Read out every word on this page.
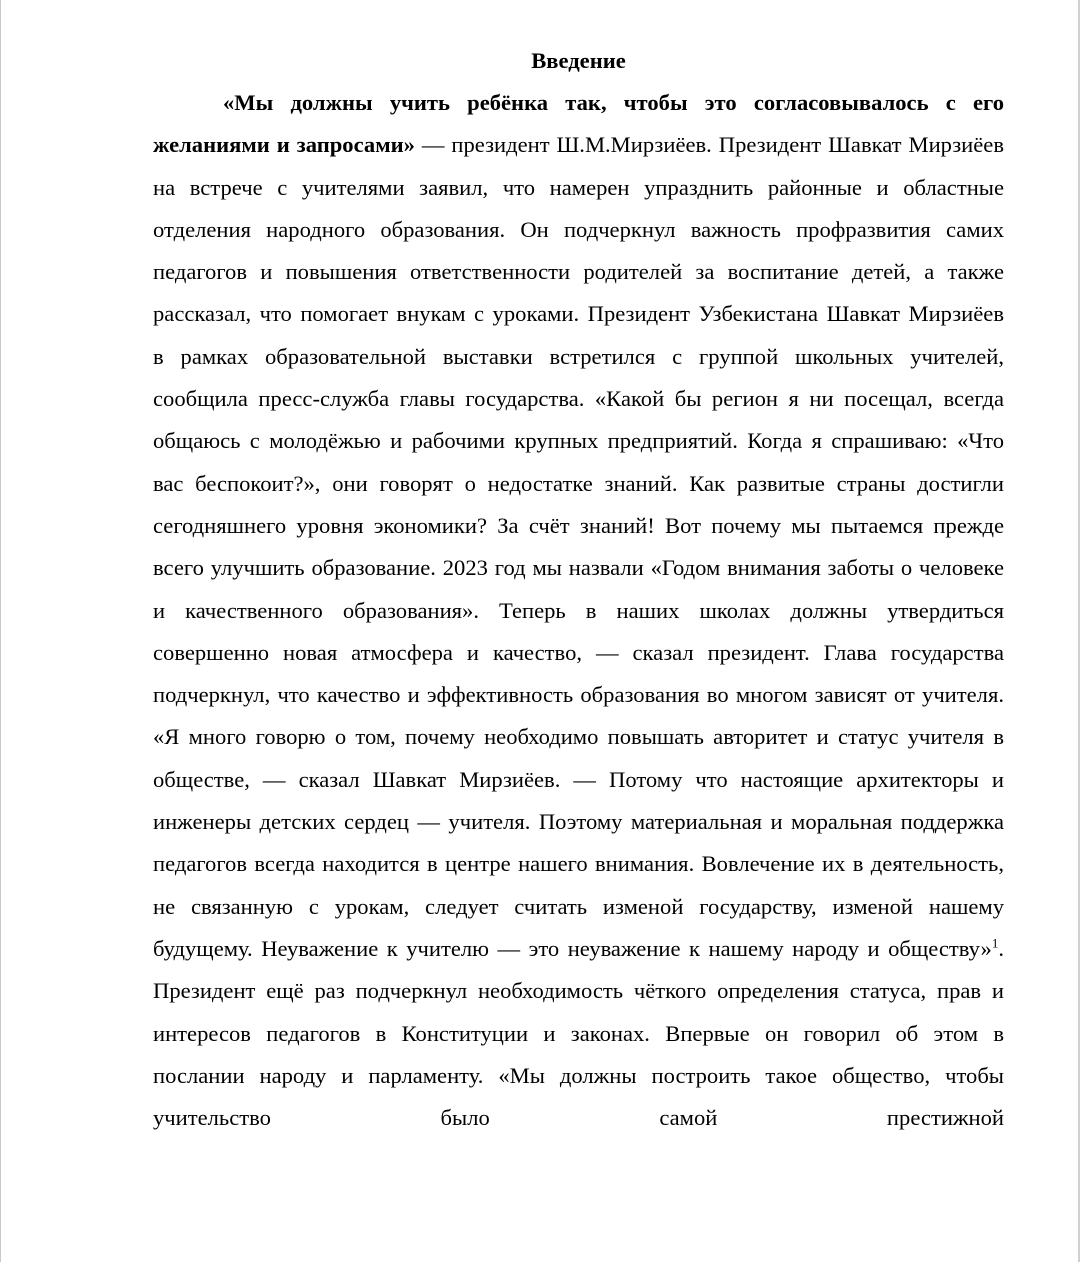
Введение

«Мы должны учить ребёнка так, чтобы это согласовывалось с его желаниями и запросами» — президент Ш.М.Мирзиёев. Президент Шавкат Мирзиёев на встрече с учителями заявил, что намерен упразднить районные и областные отделения народного образования. Он подчеркнул важность профразвития самих педагогов и повышения ответственности родителей за воспитание детей, а также рассказал, что помогает внукам с уроками. Президент Узбекистана Шавкат Мирзиёев в рамках образовательной выставки встретился с группой школьных учителей, сообщила пресс-служба главы государства. «Какой бы регион я ни посещал, всегда общаюсь с молодёжью и рабочими крупных предприятий. Когда я спрашиваю: «Что вас беспокоит?», они говорят о недостатке знаний. Как развитые страны достигли сегодняшнего уровня экономики? За счёт знаний! Вот почему мы пытаемся прежде всего улучшить образование. 2023 год мы назвали «Годом внимания заботы о человеке и качественного образования». Теперь в наших школах должны утвердиться совершенно новая атмосфера и качество, — сказал президент. Глава государства подчеркнул, что качество и эффективность образования во многом зависят от учителя. «Я много говорю о том, почему необходимо повышать авторитет и статус учителя в обществе, — сказал Шавкат Мирзиёев. — Потому что настоящие архитекторы и инженеры детских сердец — учителя. Поэтому материальная и моральная поддержка педагогов всегда находится в центре нашего внимания. Вовлечение их в деятельность, не связанную с урокам, следует считать изменой государству, изменой нашему будущему. Неуважение к учителю — это неуважение к нашему народу и обществу»$^1$. Президент ещё раз подчеркнул необходимость чёткого определения статуса, прав и интересов педагогов в Конституции и законах. Впервые он говорил об этом в послании народу и парламенту. «Мы должны построить такое общество, чтобы учительство было самой престижной
